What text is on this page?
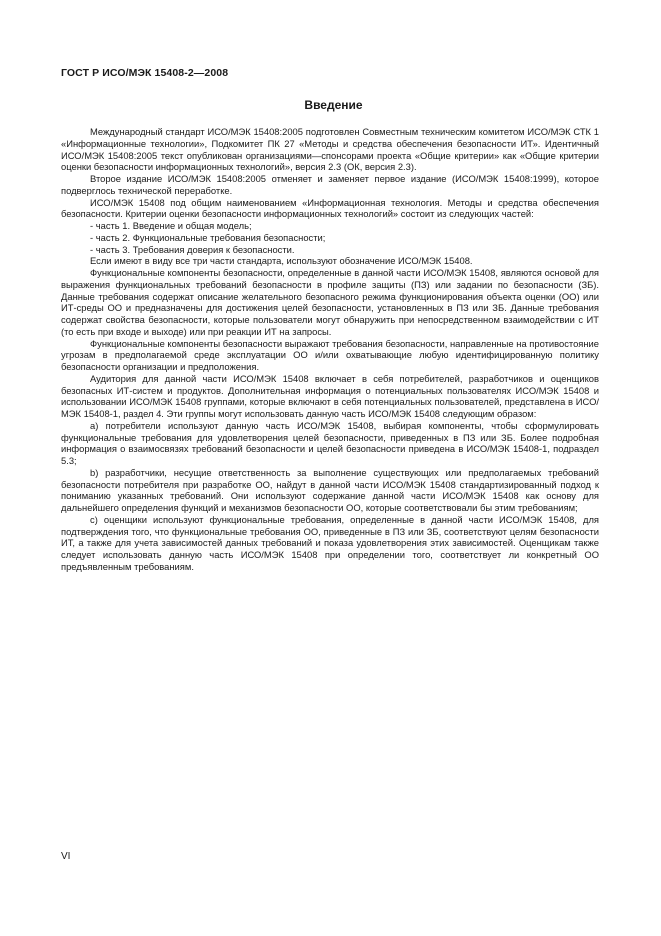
ГОСТ Р ИСО/МЭК 15408-2—2008
Введение

Международный стандарт ИСО/МЭК 15408:2005 подготовлен Совместным техническим комитетом ИСО/МЭК СТК 1 «Информационные технологии», Подкомитет ПК 27 «Методы и средства обеспечения безопасности ИТ». Идентичный ИСО/МЭК 15408:2005 текст опубликован организациями—спонсорами проекта «Общие критерии» как «Общие критерии оценки безопасности информационных технологий», версия 2.3 (ОК, версия 2.3).

Второе издание ИСО/МЭК 15408:2005 отменяет и заменяет первое издание (ИСО/МЭК 15408:1999), которое подверглось технической переработке.

ИСО/МЭК 15408 под общим наименованием «Информационная технология. Методы и средства обеспечения безопасности. Критерии оценки безопасности информационных технологий» состоит из следующих частей:

- часть 1. Введение и общая модель;

- часть 2. Функциональные требования безопасности;

- часть 3. Требования доверия к безопасности.

Если имеют в виду все три части стандарта, используют обозначение ИСО/МЭК 15408.

Функциональные компоненты безопасности, определенные в данной части ИСО/МЭК 15408, являются основой для выражения функциональных требований безопасности в профиле защиты (ПЗ) или задании по безопасности (ЗБ). Данные требования содержат описание желательного безопасного режима функционирования объекта оценки (ОО) или ИТ-среды ОО и предназначены для достижения целей безопасности, установленных в ПЗ или ЗБ. Данные требования содержат свойства безопасности, которые пользователи могут обнаружить при непосредственном взаимодействии с ИТ (то есть при входе и выходе) или при реакции ИТ на запросы.

Функциональные компоненты безопасности выражают требования безопасности, направленные на противостояние угрозам в предполагаемой среде эксплуатации ОО и/или охватывающие любую идентифицированную политику безопасности организации и предположения.

Аудитория для данной части ИСО/МЭК 15408 включает в себя потребителей, разработчиков и оценщиков безопасных ИТ-систем и продуктов. Дополнительная информация о потенциальных пользователях ИСО/МЭК 15408 и использовании ИСО/МЭК 15408 группами, которые включают в себя потенциальных пользователей, представлена в ИСО/МЭК 15408-1, раздел 4. Эти группы могут использовать данную часть ИСО/МЭК 15408 следующим образом:

a) потребители используют данную часть ИСО/МЭК 15408, выбирая компоненты, чтобы сформулировать функциональные требования для удовлетворения целей безопасности, приведенных в ПЗ или ЗБ. Более подробная информация о взаимосвязях требований безопасности и целей безопасности приведена в ИСО/МЭК 15408-1, подраздел 5.3;

b) разработчики, несущие ответственность за выполнение существующих или предполагаемых требований безопасности потребителя при разработке ОО, найдут в данной части ИСО/МЭК 15408 стандартизированный подход к пониманию указанных требований. Они используют содержание данной части ИСО/МЭК 15408 как основу для дальнейшего определения функций и механизмов безопасности ОО, которые соответствовали бы этим требованиям;

c) оценщики используют функциональные требования, определенные в данной части ИСО/МЭК 15408, для подтверждения того, что функциональные требования ОО, приведенные в ПЗ или ЗБ, соответствуют целям безопасности ИТ, а также для учета зависимостей данных требований и показа удовлетворения этих зависимостей. Оценщикам также следует использовать данную часть ИСО/МЭК 15408 при определении того, соответствует ли конкретный ОО предъявленным требованиям.

VI
